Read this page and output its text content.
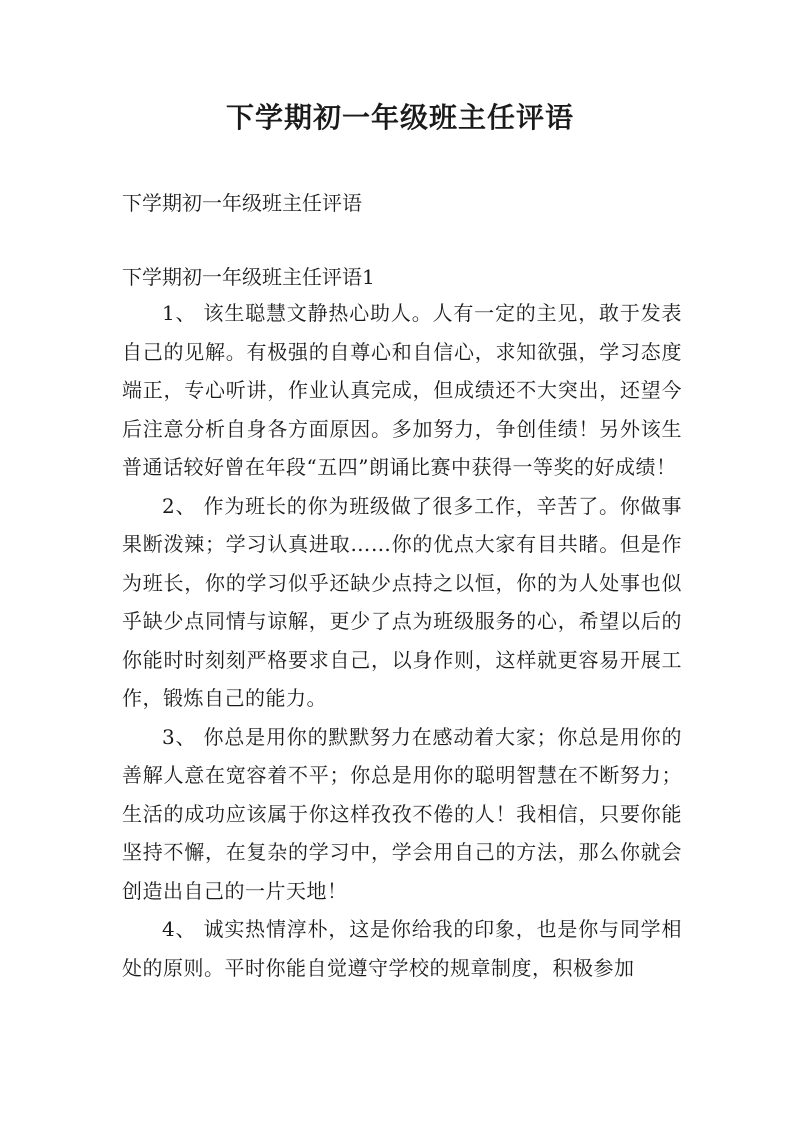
下学期初一年级班主任评语
下学期初一年级班主任评语
下学期初一年级班主任评语1

1、 该生聪慧文静热心助人。人有一定的主见，敢于发表自己的见解。有极强的自尊心和自信心，求知欲强，学习态度端正，专心听讲，作业认真完成，但成绩还不大突出，还望今后注意分析自身各方面原因。多加努力，争创佳绩！另外该生普通话较好曾在年段“五四”朗诵比赛中获得一等奖的好成绩！

2、 作为班长的你为班级做了很多工作，辛苦了。你做事果断泼辣；学习认真进取……你的优点大家有目共睹。但是作为班长，你的学习似乎还缺少点持之以恒，你的为人处事也似乎缺少点同情与谅解，更少了点为班级服务的心，希望以后的你能时时刻刻严格要求自己，以身作则，这样就更容易开展工作，锻炼自己的能力。

3、 你总是用你的默默努力在感动着大家；你总是用你的善解人意在宽容着不平；你总是用你的聪明智慧在不断努力；生活的成功应该属于你这样孜孜不倦的人！我相信，只要你能坚持不懈，在复杂的学习中，学会用自己的方法，那么你就会创造出自己的一片天地！

4、 诚实热情淳朴，这是你给我的印象，也是你与同学相处的原则。平时你能自觉遵守学校的规章制度，积极参加
